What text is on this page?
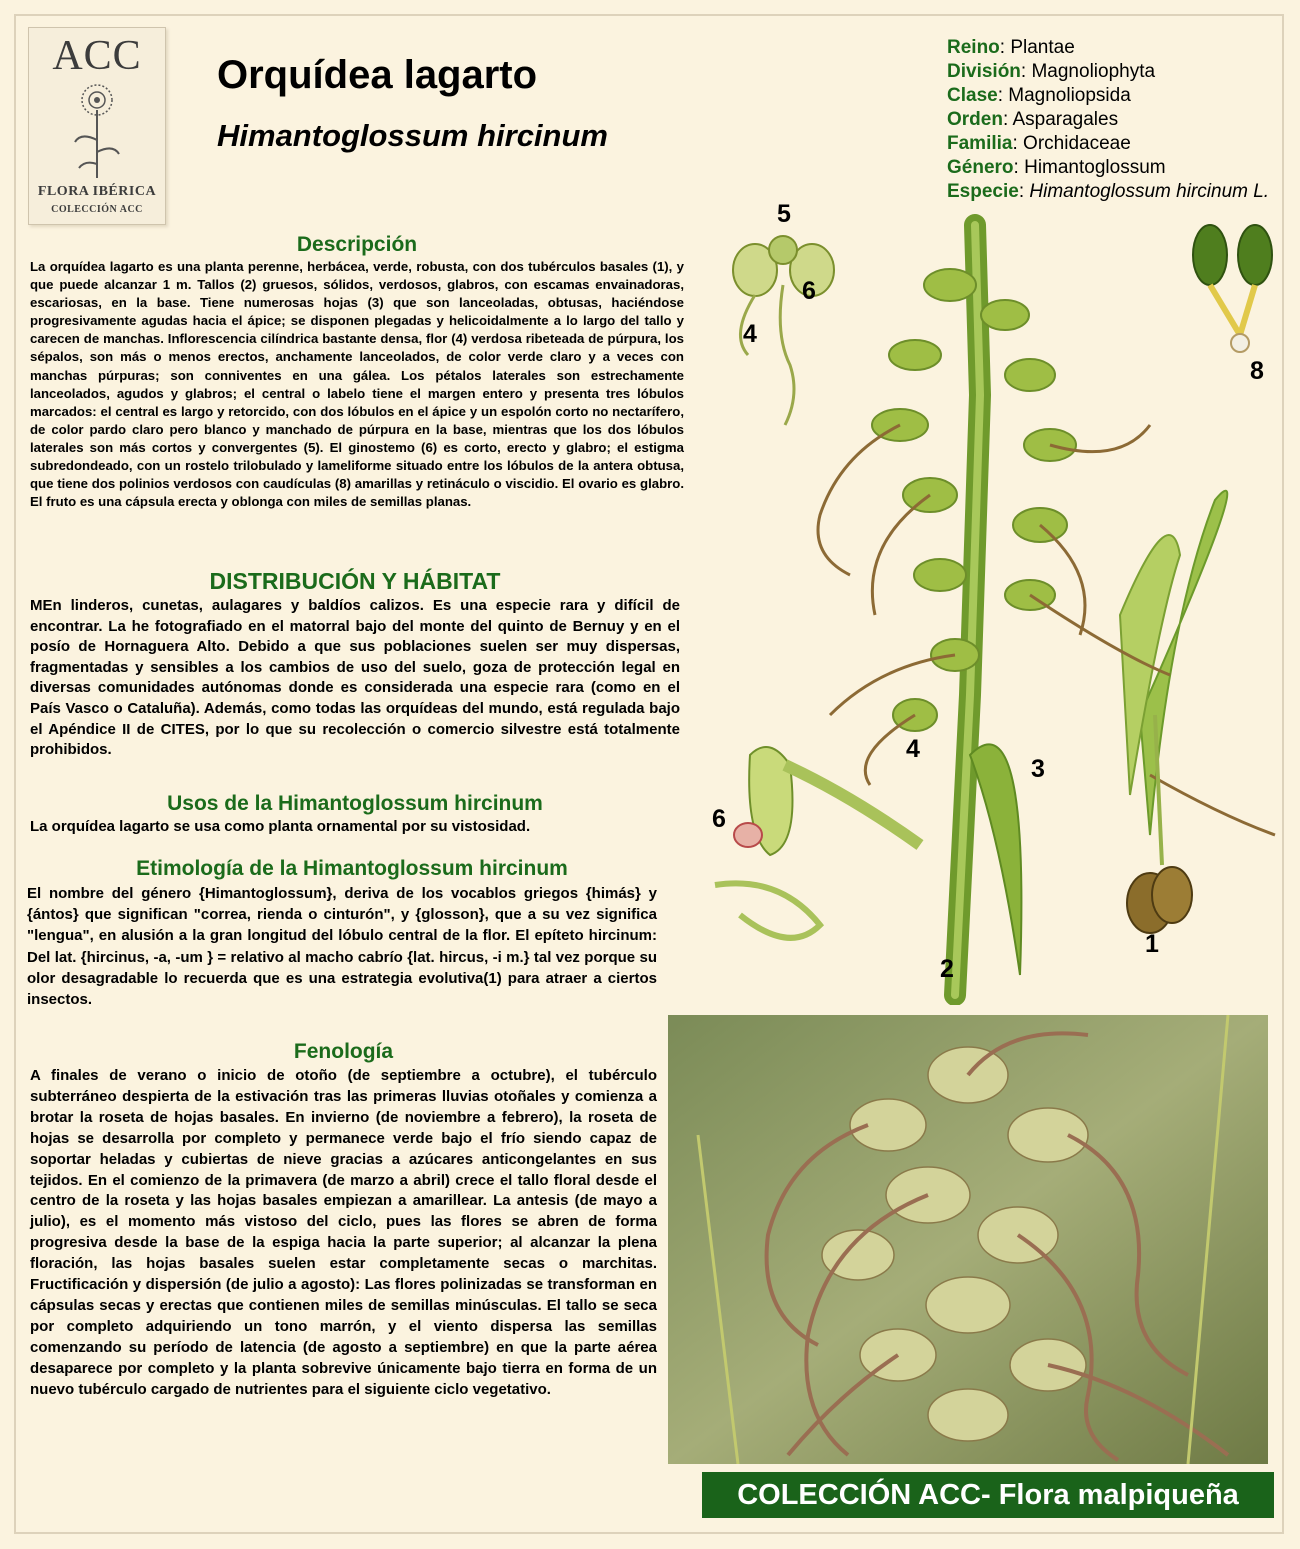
ACC
FLORA IBÉRICA
COLECCIÓN ACC
Orquídea lagarto
Himantoglossum hircinum
Reino: Plantae
División: Magnoliophyta
Clase: Magnoliopsida
Orden: Asparagales
Familia: Orchidaceae
Género: Himantoglossum
Especie: Himantoglossum hircinum L.
Descripción

La orquídea lagarto es una planta perenne, herbácea, verde, robusta, con dos tubérculos basales (1), y que puede alcanzar 1 m. Tallos (2) gruesos, sólidos, verdosos, glabros, con escamas envainadoras, escariosas, en la base. Tiene numerosas hojas (3) que son lanceoladas, obtusas, haciéndose progresivamente agudas hacia el ápice; se disponen plegadas y helicoidalmente a lo largo del tallo y carecen de manchas. Inflorescencia cilíndrica bastante densa, flor (4) verdosa ribeteada de púrpura, los sépalos, son más o menos erectos, anchamente lanceolados, de color verde claro y a veces con manchas púrpuras; son conniventes en una gálea. Los pétalos laterales son estrechamente lanceolados, agudos y glabros; el central o labelo tiene el margen entero y presenta tres lóbulos marcados: el central es largo y retorcido, con dos lóbulos en el ápice y un espolón corto no nectarífero, de color pardo claro pero blanco y manchado de púrpura en la base, mientras que los dos lóbulos laterales son más cortos y convergentes (5). El ginostemo (6) es corto, erecto y glabro; el estigma subredondeado, con un rostelo trilobulado y lameliforme situado entre los lóbulos de la antera obtusa, que tiene dos polinios verdosos con caudículas (8) amarillas y retináculo o viscidio. El ovario es glabro. El fruto es una cápsula erecta y oblonga con miles de semillas planas.

DISTRIBUCIÓN Y HÁBITAT

MEn linderos, cunetas, aulagares y baldíos calizos. Es una especie rara y difícil de encontrar. La he fotografiado en el matorral bajo del monte del quinto de Bernuy y en el posío de Hornaguera Alto. Debido a que sus poblaciones suelen ser muy dispersas, fragmentadas y sensibles a los cambios de uso del suelo, goza de protección legal en diversas comunidades autónomas donde es considerada una especie rara (como en el País Vasco o Cataluña). Además, como todas las orquídeas del mundo, está regulada bajo el Apéndice II de CITES, por lo que su recolección o comercio silvestre está totalmente prohibidos.

Usos de la Himantoglossum hircinum

La orquídea lagarto se usa como planta ornamental por su vistosidad.

Etimología de la Himantoglossum hircinum

El nombre del género {Himantoglossum}, deriva de los vocablos griegos {himás} y {ántos} que significan "correa, rienda o cinturón", y {glosson}, que a su vez significa "lengua", en alusión a la gran longitud del lóbulo central de la flor. El epíteto hircinum: Del lat. {hircinus, -a, -um } = relativo al macho cabrío {lat. hircus, -i m.} tal vez porque su olor desagradable lo recuerda que es una estrategia evolutiva(1) para atraer a ciertos insectos.

Fenología

A finales de verano o inicio de otoño (de septiembre a octubre), el tubérculo subterráneo despierta de la estivación tras las primeras lluvias otoñales y comienza a brotar la roseta de hojas basales. En invierno (de noviembre a febrero), la roseta de hojas se desarrolla por completo y permanece verde bajo el frío siendo capaz de soportar heladas y cubiertas de nieve gracias a azúcares anticongelantes en sus tejidos. En el comienzo de la primavera (de marzo a abril) crece el tallo floral desde el centro de la roseta y las hojas basales empiezan a amarillear. La antesis (de mayo a julio), es el momento más vistoso del ciclo, pues las flores se abren de forma progresiva desde la base de la espiga hacia la parte superior; al alcanzar la plena floración, las hojas basales suelen estar completamente secas o marchitas. Fructificación y dispersión (de julio a agosto): Las flores polinizadas se transforman en cápsulas secas y erectas que contienen miles de semillas minúsculas. El tallo se seca por completo adquiriendo un tono marrón, y el viento dispersa las semillas comenzando su período de latencia (de agosto a septiembre) en que la parte aérea desaparece por completo y la planta sobrevive únicamente bajo tierra en forma de un nuevo tubérculo cargado de nutrientes para el siguiente ciclo vegetativo.

5
6
4
8
4
3
6
1
2
COLECCIÓN ACC- Flora malpiqueña
